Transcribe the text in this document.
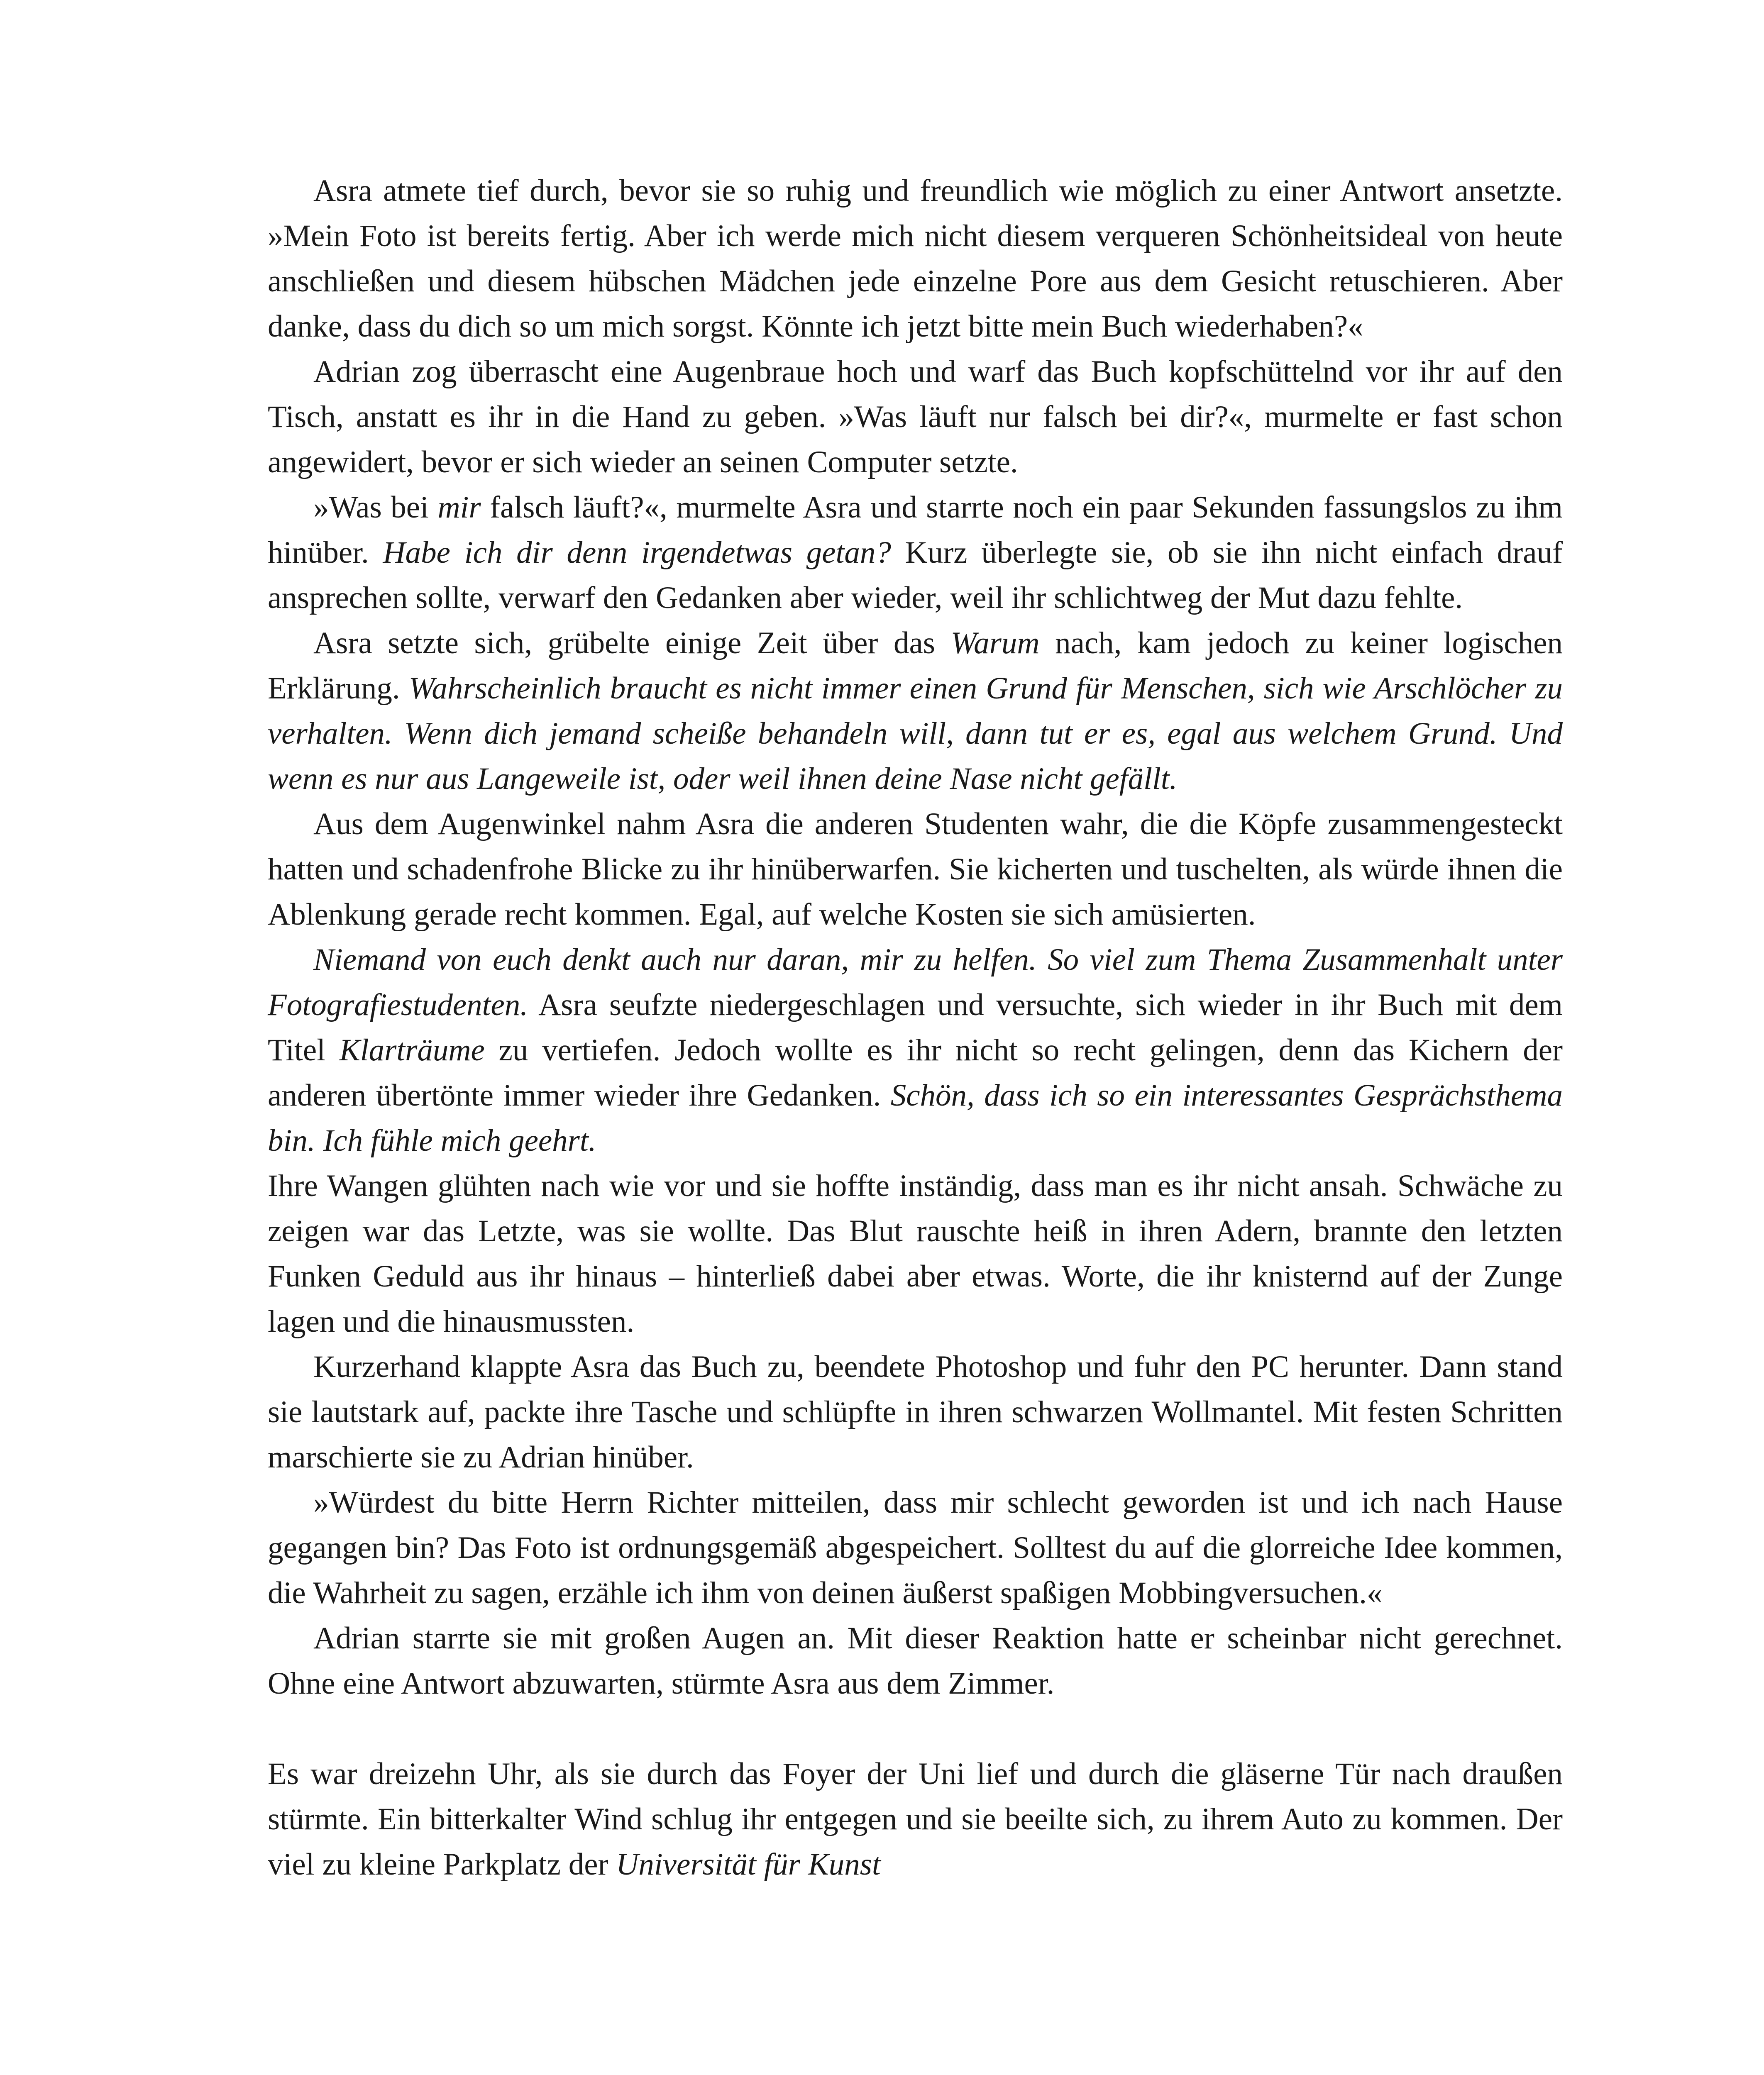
Asra atmete tief durch, bevor sie so ruhig und freundlich wie möglich zu einer Antwort ansetzte. »Mein Foto ist bereits fertig. Aber ich werde mich nicht diesem verqueren Schönheitsideal von heute anschließen und diesem hübschen Mädchen jede einzelne Pore aus dem Gesicht retuschieren. Aber danke, dass du dich so um mich sorgst. Könnte ich jetzt bitte mein Buch wiederhaben?«

Adrian zog überrascht eine Augenbraue hoch und warf das Buch kopfschüttelnd vor ihr auf den Tisch, anstatt es ihr in die Hand zu geben. »Was läuft nur falsch bei dir?«, murmelte er fast schon angewidert, bevor er sich wieder an seinen Computer setzte.

»Was bei mir falsch läuft?«, murmelte Asra und starrte noch ein paar Sekunden fassungslos zu ihm hinüber. Habe ich dir denn irgendetwas getan? Kurz überlegte sie, ob sie ihn nicht einfach drauf ansprechen sollte, verwarf den Gedanken aber wieder, weil ihr schlichtweg der Mut dazu fehlte.

Asra setzte sich, grübelte einige Zeit über das Warum nach, kam jedoch zu keiner logischen Erklärung. Wahrscheinlich braucht es nicht immer einen Grund für Menschen, sich wie Arschlöcher zu verhalten. Wenn dich jemand scheiße behandeln will, dann tut er es, egal aus welchem Grund. Und wenn es nur aus Langeweile ist, oder weil ihnen deine Nase nicht gefällt.

Aus dem Augenwinkel nahm Asra die anderen Studenten wahr, die die Köpfe zusammengesteckt hatten und schadenfrohe Blicke zu ihr hinüberwarfen. Sie kicherten und tuschelten, als würde ihnen die Ablenkung gerade recht kommen. Egal, auf welche Kosten sie sich amüsierten.

Niemand von euch denkt auch nur daran, mir zu helfen. So viel zum Thema Zusammenhalt unter Fotografiestudenten. Asra seufzte niedergeschlagen und versuchte, sich wieder in ihr Buch mit dem Titel Klarträume zu vertiefen. Jedoch wollte es ihr nicht so recht gelingen, denn das Kichern der anderen übertönte immer wieder ihre Gedanken. Schön, dass ich so ein interessantes Gesprächsthema bin. Ich fühle mich geehrt.

Ihre Wangen glühten nach wie vor und sie hoffte inständig, dass man es ihr nicht ansah. Schwäche zu zeigen war das Letzte, was sie wollte. Das Blut rauschte heiß in ihren Adern, brannte den letzten Funken Geduld aus ihr hinaus – hinterließ dabei aber etwas. Worte, die ihr knisternd auf der Zunge lagen und die hinausmussten.

Kurzerhand klappte Asra das Buch zu, beendete Photoshop und fuhr den PC herunter. Dann stand sie lautstark auf, packte ihre Tasche und schlüpfte in ihren schwarzen Wollmantel. Mit festen Schritten marschierte sie zu Adrian hinüber.

»Würdest du bitte Herrn Richter mitteilen, dass mir schlecht geworden ist und ich nach Hause gegangen bin? Das Foto ist ordnungsgemäß abgespeichert. Solltest du auf die glorreiche Idee kommen, die Wahrheit zu sagen, erzähle ich ihm von deinen äußerst spaßigen Mobbingversuchen.«

Adrian starrte sie mit großen Augen an. Mit dieser Reaktion hatte er scheinbar nicht gerechnet. Ohne eine Antwort abzuwarten, stürmte Asra aus dem Zimmer.

Es war dreizehn Uhr, als sie durch das Foyer der Uni lief und durch die gläserne Tür nach draußen stürmte. Ein bitterkalter Wind schlug ihr entgegen und sie beeilte sich, zu ihrem Auto zu kommen. Der viel zu kleine Parkplatz der Universität für Kunst
